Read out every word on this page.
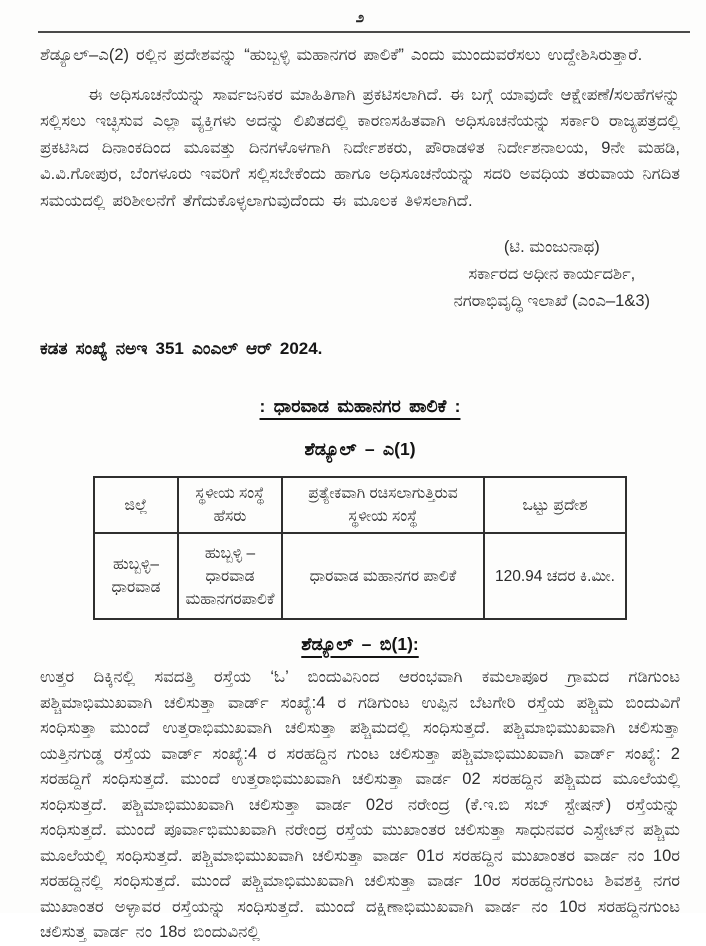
೨

ಶೆಡ್ಯೂಲ್–ಎ(2) ರಲ್ಲಿನ ಪ್ರದೇಶವನ್ನು “ಹುಬ್ಬಳ್ಳಿ ಮಹಾನಗರ ಪಾಲಿಕೆ” ಎಂದು ಮುಂದುವರೆಸಲು ಉದ್ದೇಶಿಸಿರುತ್ತಾರೆ.

ಈ ಅಧಿಸೂಚನೆಯನ್ನು ಸಾರ್ವಜನಿಕರ ಮಾಹಿತಿಗಾಗಿ ಪ್ರಕಟಿಸಲಾಗಿದೆ. ಈ ಬಗ್ಗೆ ಯಾವುದೇ ಆಕ್ಷೇಪಣೆ/ಸಲಹೆಗಳನ್ನು ಸಲ್ಲಿಸಲು ಇಚ್ಛಿಸುವ ಎಲ್ಲಾ ವ್ಯಕ್ತಿಗಳು ಅದನ್ನು ಲಿಖಿತದಲ್ಲಿ ಕಾರಣಸಹಿತವಾಗಿ ಅಧಿಸೂಚನೆಯನ್ನು ಸರ್ಕಾರಿ ರಾಜ್ಯಪತ್ರದಲ್ಲಿ ಪ್ರಕಟಿಸಿದ ದಿನಾಂಕದಿಂದ ಮೂವತ್ತು ದಿನಗಳೊಳಗಾಗಿ ನಿರ್ದೇಶಕರು, ಪೌರಾಡಳಿತ ನಿರ್ದೇಶನಾಲಯ, 9ನೇ ಮಹಡಿ, ವಿ.ವಿ.ಗೋಪುರ, ಬೆಂಗಳೂರು ಇವರಿಗೆ ಸಲ್ಲಿಸಬೇಕೆಂದು ಹಾಗೂ ಅಧಿಸೂಚನೆಯನ್ನು ಸದರಿ ಅವಧಿಯ ತರುವಾಯ ನಿಗದಿತ ಸಮಯದಲ್ಲಿ ಪರಿಶೀಲನೆಗೆ ತೆಗೆದುಕೊಳ್ಳಲಾಗುವುದೆಂದು ಈ ಮೂಲಕ ತಿಳಿಸಲಾಗಿದೆ.

(ಟಿ. ಮಂಜುನಾಥ)
ಸರ್ಕಾರದ ಅಧೀನ ಕಾರ್ಯದರ್ಶಿ,
ನಗರಾಭಿವೃದ್ಧಿ ಇಲಾಖೆ (ಎಂಎ–1&3)

ಕಡತ ಸಂಖ್ಯೆ ನಅಇ 351 ಎಂಎಲ್ ಆರ್ 2024.

: ಧಾರವಾಡ ಮಹಾನಗರ ಪಾಲಿಕೆ :
ಶೆಡ್ಯೂಲ್ – ಎ(1)
ಜಿಲ್ಲೆ	ಸ್ಥಳೀಯ ಸಂಸ್ಥೆ ಹೆಸರು	ಪ್ರತ್ಯೇಕವಾಗಿ ರಚಿಸಲಾಗುತ್ತಿರುವ ಸ್ಥಳೀಯ ಸಂಸ್ಥೆ	ಒಟ್ಟು ಪ್ರದೇಶ
ಹುಬ್ಬಳ್ಳಿ–ಧಾರವಾಡ	ಹುಬ್ಬಳ್ಳಿ – ಧಾರವಾಡ ಮಹಾನಗರಪಾಲಿಕೆ	ಧಾರವಾಡ ಮಹಾನಗರ ಪಾಲಿಕೆ	120.94 ಚದರ ಕಿ.ಮೀ.
ಶೆಡ್ಯೂಲ್ – ಬಿ(1):

ಉತ್ತರ ದಿಕ್ಕಿನಲ್ಲಿ ಸವದತ್ತಿ ರಸ್ತೆಯ ‘ಓ’ ಬಿಂದುವಿನಿಂದ ಆರಂಭವಾಗಿ ಕಮಲಾಪೂರ ಗ್ರಾಮದ ಗಡಿಗುಂಟ ಪಶ್ಚಿಮಾಭಿಮುಖವಾಗಿ ಚಲಿಸುತ್ತಾ ವಾರ್ಡ್ ಸಂಖ್ಯೆ:4 ರ ಗಡಿಗುಂಟ ಉಪ್ಪಿನ ಬೆಟಗೇರಿ ರಸ್ತೆಯ ಪಶ್ಚಿಮ ಬಿಂದುವಿಗೆ ಸಂಧಿಸುತ್ತಾ ಮುಂದೆ ಉತ್ತರಾಭಿಮುಖವಾಗಿ ಚಲಿಸುತ್ತಾ ಪಶ್ಚಿಮದಲ್ಲಿ ಸಂಧಿಸುತ್ತದೆ. ಪಶ್ಚಿಮಾಭಿಮುಖವಾಗಿ ಚಲಿಸುತ್ತಾ ಯತ್ತಿನಗುಡ್ಡ ರಸ್ತೆಯ ವಾರ್ಡ್ ಸಂಖ್ಯೆ:4 ರ ಸರಹದ್ದಿನ ಗುಂಟ ಚಲಿಸುತ್ತಾ ಪಶ್ಚಿಮಾಭಿಮುಖವಾಗಿ ವಾರ್ಡ್ ಸಂಖ್ಯೆ: 2 ಸರಹದ್ದಿಗೆ ಸಂಧಿಸುತ್ತದೆ. ಮುಂದೆ ಉತ್ತರಾಭಿಮುಖವಾಗಿ ಚಲಿಸುತ್ತಾ ವಾರ್ಡ 02 ಸರಹದ್ದಿನ ಪಶ್ಚಿಮದ ಮೂಲೆಯಲ್ಲಿ ಸಂಧಿಸುತ್ತದೆ. ಪಶ್ಚಿಮಾಭಿಮುಖವಾಗಿ ಚಲಿಸುತ್ತಾ ವಾರ್ಡ 02ರ ನರೇಂದ್ರ (ಕೆ.ಇ.ಬಿ ಸಬ್ ಸ್ಟೇಷನ್) ರಸ್ತೆಯನ್ನು ಸಂಧಿಸುತ್ತದೆ. ಮುಂದೆ ಪೂರ್ವಾಭಿಮುಖವಾಗಿ ನರೇಂದ್ರ ರಸ್ತೆಯ ಮುಖಾಂತರ ಚಲಿಸುತ್ತಾ ಸಾಧುನವರ ಎಸ್ಟೇಟ್‌ನ ಪಶ್ಚಿಮ ಮೂಲೆಯಲ್ಲಿ ಸಂಧಿಸುತ್ತದೆ. ಪಶ್ಚಿಮಾಭಿಮುಖವಾಗಿ ಚಲಿಸುತ್ತಾ ವಾರ್ಡ 01ರ ಸರಹದ್ದಿನ ಮುಖಾಂತರ ವಾರ್ಡ ನಂ 10ರ ಸರಹದ್ದಿನಲ್ಲಿ ಸಂಧಿಸುತ್ತದೆ. ಮುಂದೆ ಪಶ್ಚಿಮಾಭಿಮುಖವಾಗಿ ಚಲಿಸುತ್ತಾ ವಾರ್ಡ 10ರ ಸರಹದ್ದಿನಗುಂಟ ಶಿವಶಕ್ತಿ ನಗರ ಮುಖಾಂತರ ಅಳ್ಳಾವರ ರಸ್ತೆಯನ್ನು ಸಂಧಿಸುತ್ತದೆ. ಮುಂದೆ ದಕ್ಷಿಣಾಭಿಮುಖವಾಗಿ ವಾರ್ಡ ನಂ 10ರ ಸರಹದ್ದಿನಗುಂಟ ಚಲಿಸುತ್ತ ವಾರ್ಡ ನಂ 18ರ ಬಿಂದುವಿನಲ್ಲಿ
